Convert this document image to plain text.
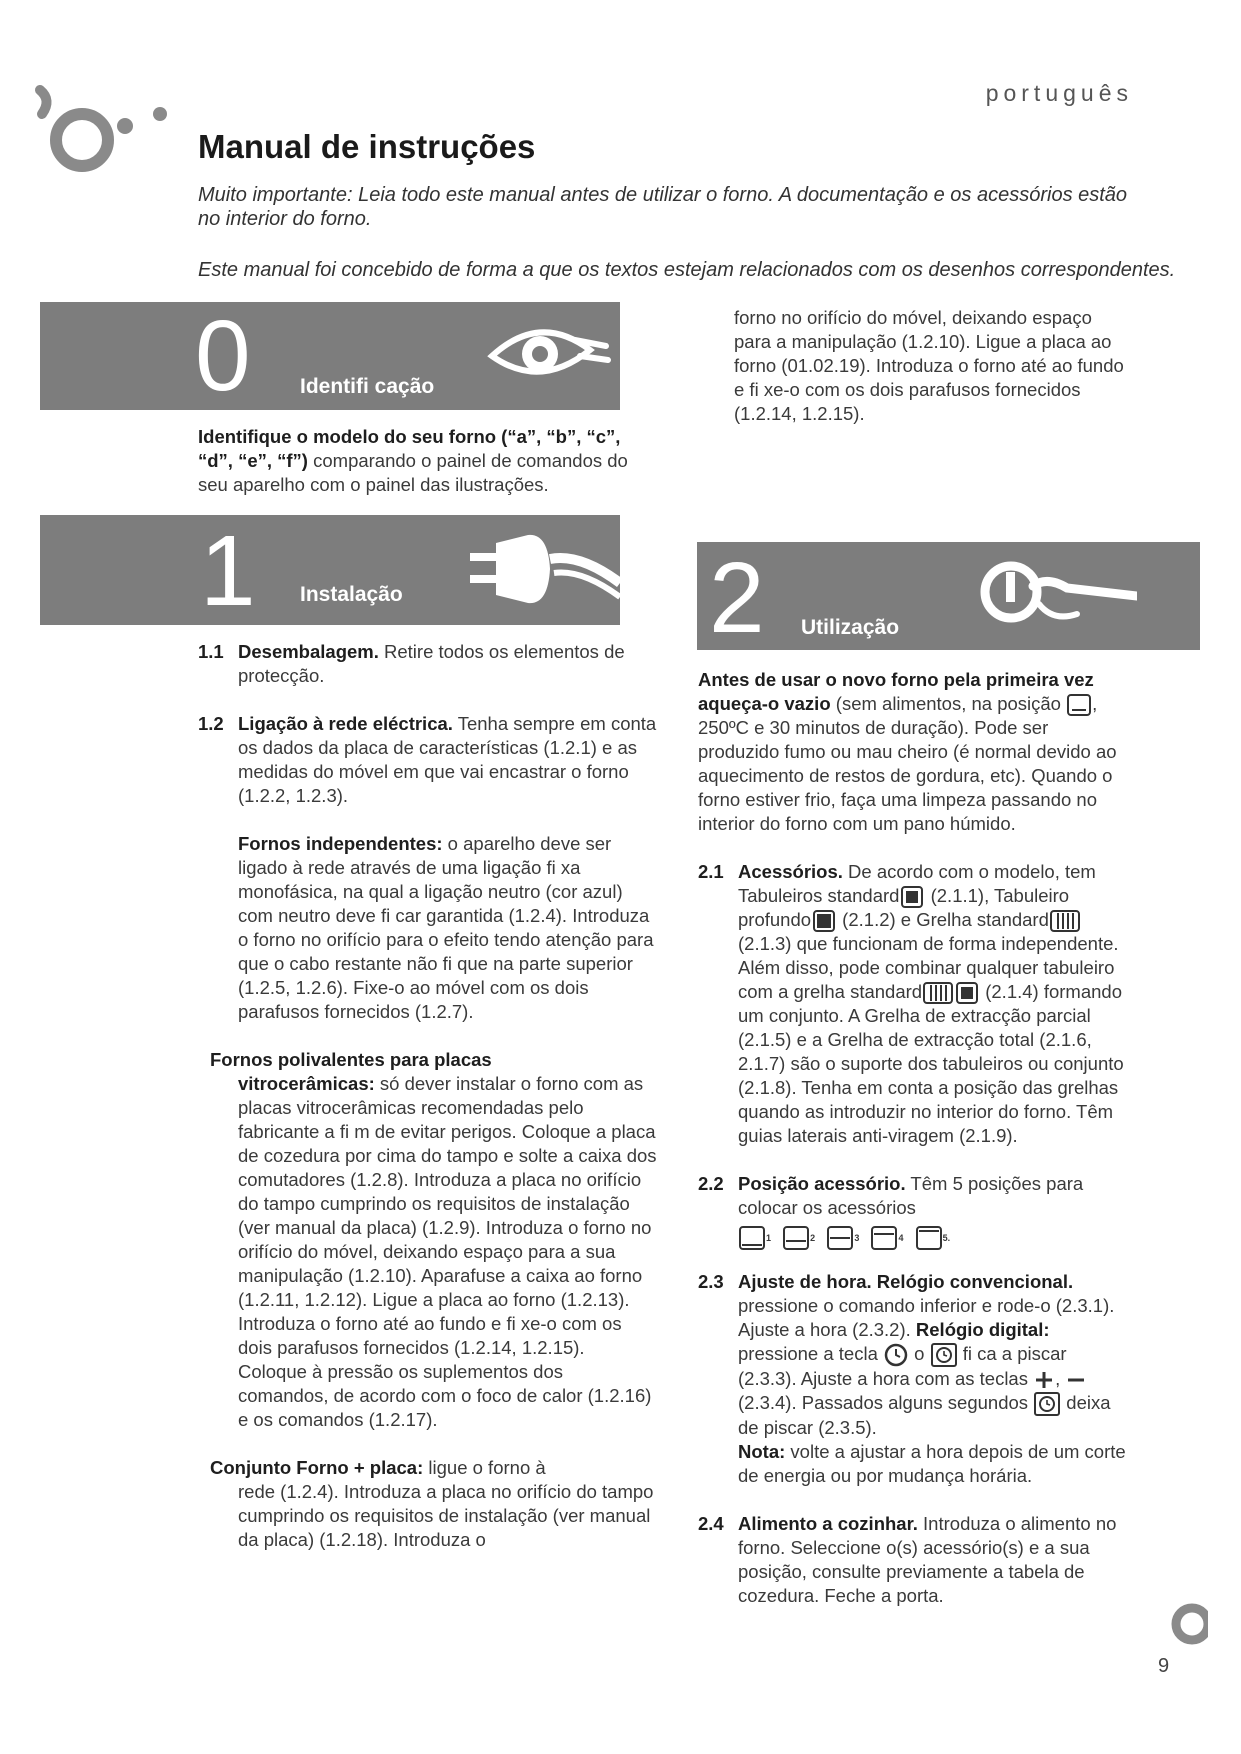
português
Manual de instruções

Muito importante: Leia todo este manual antes de utilizar o forno. A documentação e os acessórios estão no interior do forno.

Este manual foi concebido de forma a que os textos estejam relacionados com os desenhos correspondentes.

0 Identifi cação

Identifique o modelo do seu forno (“a”, “b”, “c”, “d”, “e”, “f”) comparando o painel de comandos do seu aparelho com o painel das ilustrações.

1 Instalação
1.1 Desembalagem. Retire todos os elementos de protecção.

1.2 Ligação à rede eléctrica. Tenha sempre em conta os dados da placa de características (1.2.1) e as medidas do móvel em que vai encastrar o forno (1.2.2, 1.2.3).

Fornos independentes: o aparelho deve ser ligado à rede através de uma ligação fi xa monofásica, na qual a ligação neutro (cor azul) com neutro deve fi car garantida (1.2.4). Introduza o forno no orifício para o efeito tendo atenção para que o cabo restante não fi que na parte superior (1.2.5, 1.2.6). Fixe-o ao móvel com os dois parafusos fornecidos (1.2.7).

Fornos polivalentes para placas

vitrocerâmicas: só dever instalar o forno com as placas vitrocerâmicas recomendadas pelo fabricante a fi m de evitar perigos. Coloque a placa de cozedura por cima do tampo e solte a caixa dos comutadores (1.2.8). Introduza a placa no orifício do tampo cumprindo os requisitos de instalação (ver manual da placa) (1.2.9). Introduza o forno no orifício do móvel, deixando espaço para a sua manipulação (1.2.10). Aparafuse a caixa ao forno (1.2.11, 1.2.12). Ligue a placa ao forno (1.2.13). Introduza o forno até ao fundo e fi xe-o com os dois parafusos fornecidos (1.2.14, 1.2.15). Coloque à pressão os suplementos dos comandos, de acordo com o foco de calor (1.2.16) e os comandos (1.2.17).

Conjunto Forno + placa: ligue o forno à

rede (1.2.4). Introduza a placa no orifício do tampo cumprindo os requisitos de instalação (ver manual da placa) (1.2.18). Introduza o

forno no orifício do móvel, deixando espaço para a manipulação (1.2.10). Ligue a placa ao forno (01.02.19). Introduza o forno até ao fundo e fi xe-o com os dois parafusos fornecidos (1.2.14, 1.2.15).

2 Utilização

Antes de usar o novo forno pela primeira vez aqueça-o vazio (sem alimentos, na posição , 250ºC e 30 minutos de duração). Pode ser produzido fumo ou mau cheiro (é normal devido ao aquecimento de restos de gordura, etc). Quando o forno estiver frio, faça uma limpeza passando no interior do forno com um pano húmido.

2.1 Acessórios. De acordo com o modelo, tem Tabuleiros standard (2.1.1), Tabuleiro profundo (2.1.2) e Grelha standard (2.1.3) que funcionam de forma independente. Além disso, pode combinar qualquer tabuleiro com a grelha standard	(2.1.4) formando um conjunto. A Grelha de extracção parcial (2.1.5) e a Grelha de extracção total (2.1.6, 2.1.7) são o suporte dos tabuleiros ou conjunto (2.1.8). Tenha em conta a posição das grelhas quando as introduzir no interior do forno. Têm guias laterais anti-viragem (2.1.9).

2.2 Posição acessório. Têm 5 posições para colocar os acessórios

1	2	3	4	5.
2.3 Ajuste de hora. Relógio convencional. pressione o comando inferior e rode-o (2.3.1). Ajuste a hora (2.3.2). Relógio digital: pressione a tecla  o  fi ca a piscar (2.3.3). Ajuste a hora com as teclas ,  (2.3.4). Passados alguns segundos  deixa de piscar (2.3.5).

Nota: volte a ajustar a hora depois de um corte de energia ou por mudança horária.

2.4 Alimento a cozinhar. Introduza o alimento no forno. Seleccione o(s) acessório(s) e a sua posição, consulte previamente a tabela de cozedura. Feche a porta.

9
